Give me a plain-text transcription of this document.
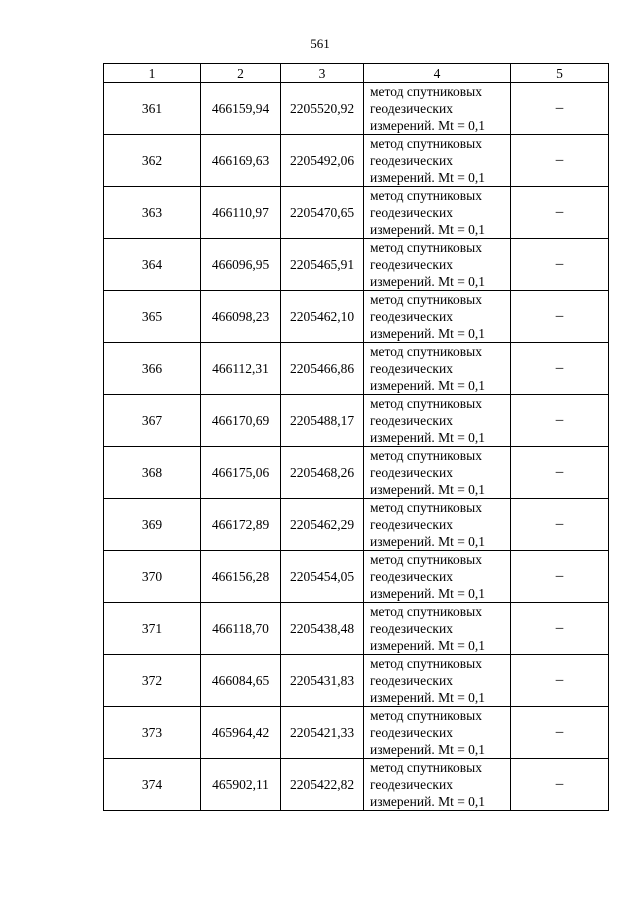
561
1	2	3	4	5
361	466159,94	2205520,92	метод спутниковых
геодезических
измерений. Mt = 0,1	–
362	466169,63	2205492,06	метод спутниковых
геодезических
измерений. Mt = 0,1	–
363	466110,97	2205470,65	метод спутниковых
геодезических
измерений. Mt = 0,1	–
364	466096,95	2205465,91	метод спутниковых
геодезических
измерений. Mt = 0,1	–
365	466098,23	2205462,10	метод спутниковых
геодезических
измерений. Mt = 0,1	–
366	466112,31	2205466,86	метод спутниковых
геодезических
измерений. Mt = 0,1	–
367	466170,69	2205488,17	метод спутниковых
геодезических
измерений. Mt = 0,1	–
368	466175,06	2205468,26	метод спутниковых
геодезических
измерений. Mt = 0,1	–
369	466172,89	2205462,29	метод спутниковых
геодезических
измерений. Mt = 0,1	–
370	466156,28	2205454,05	метод спутниковых
геодезических
измерений. Mt = 0,1	–
371	466118,70	2205438,48	метод спутниковых
геодезических
измерений. Mt = 0,1	–
372	466084,65	2205431,83	метод спутниковых
геодезических
измерений. Mt = 0,1	–
373	465964,42	2205421,33	метод спутниковых
геодезических
измерений. Mt = 0,1	–
374	465902,11	2205422,82	метод спутниковых
геодезических
измерений. Mt = 0,1	–
